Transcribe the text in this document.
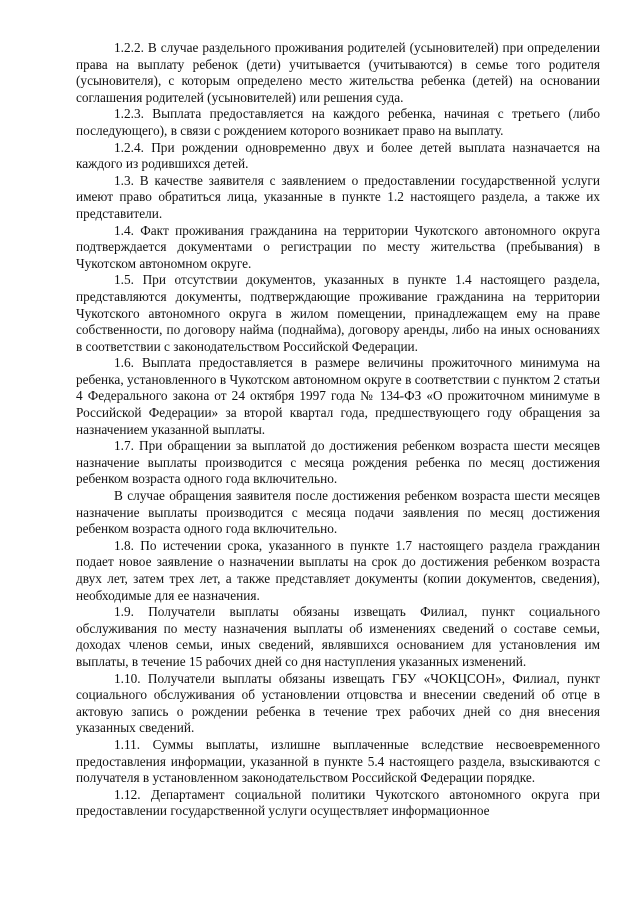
1.2.2. В случае раздельного проживания родителей (усыновителей) при определении права на выплату ребенок (дети) учитывается (учитываются) в семье того родителя (усыновителя), с которым определено место жительства ребенка (детей) на основании соглашения родителей (усыновителей) или решения суда.

1.2.3. Выплата предоставляется на каждого ребенка, начиная с третьего (либо последующего), в связи с рождением которого возникает право на выплату.

1.2.4. При рождении одновременно двух и более детей выплата назначается на каждого из родившихся детей.

1.3. В качестве заявителя с заявлением о предоставлении государственной услуги имеют право обратиться лица, указанные в пункте 1.2 настоящего раздела, а также их представители.

1.4. Факт проживания гражданина на территории Чукотского автономного округа подтверждается документами о регистрации по месту жительства (пребывания) в Чукотском автономном округе.

1.5. При отсутствии документов, указанных в пункте 1.4 настоящего раздела, представляются документы, подтверждающие проживание гражданина на территории Чукотского автономного округа в жилом помещении, принадлежащем ему на праве собственности, по договору найма (поднайма), договору аренды, либо на иных основаниях в соответствии с законодательством Российской Федерации.

1.6. Выплата предоставляется в размере величины прожиточного минимума на ребенка, установленного в Чукотском автономном округе в соответствии с пунктом 2 статьи 4 Федерального закона от 24 октября 1997 года № 134-ФЗ «О прожиточном минимуме в Российской Федерации» за второй квартал года, предшествующего году обращения за назначением указанной выплаты.

1.7. При обращении за выплатой до достижения ребенком возраста шести месяцев назначение выплаты производится с месяца рождения ребенка по месяц достижения ребенком возраста одного года включительно.

В случае обращения заявителя после достижения ребенком возраста шести месяцев назначение выплаты производится с месяца подачи заявления по месяц достижения ребенком возраста одного года включительно.

1.8. По истечении срока, указанного в пункте 1.7 настоящего раздела гражданин подает новое заявление о назначении выплаты на срок до достижения ребенком возраста двух лет, затем трех лет, а также представляет документы (копии документов, сведения), необходимые для ее назначения.

1.9. Получатели выплаты обязаны извещать Филиал, пункт социального обслуживания по месту назначения выплаты об изменениях сведений о составе семьи, доходах членов семьи, иных сведений, являвшихся основанием для установления им выплаты, в течение 15 рабочих дней со дня наступления указанных изменений.

1.10. Получатели выплаты обязаны извещать ГБУ «ЧОКЦСОН», Филиал, пункт социального обслуживания об установлении отцовства и внесении сведений об отце в актовую запись о рождении ребенка в течение трех рабочих дней со дня внесения указанных сведений.

1.11. Суммы выплаты, излишне выплаченные вследствие несвоевременного предоставления информации, указанной в пункте 5.4 настоящего раздела, взыскиваются с получателя в установленном законодательством Российской Федерации порядке.

1.12. Департамент социальной политики Чукотского автономного округа при предоставлении государственной услуги осуществляет информационное
